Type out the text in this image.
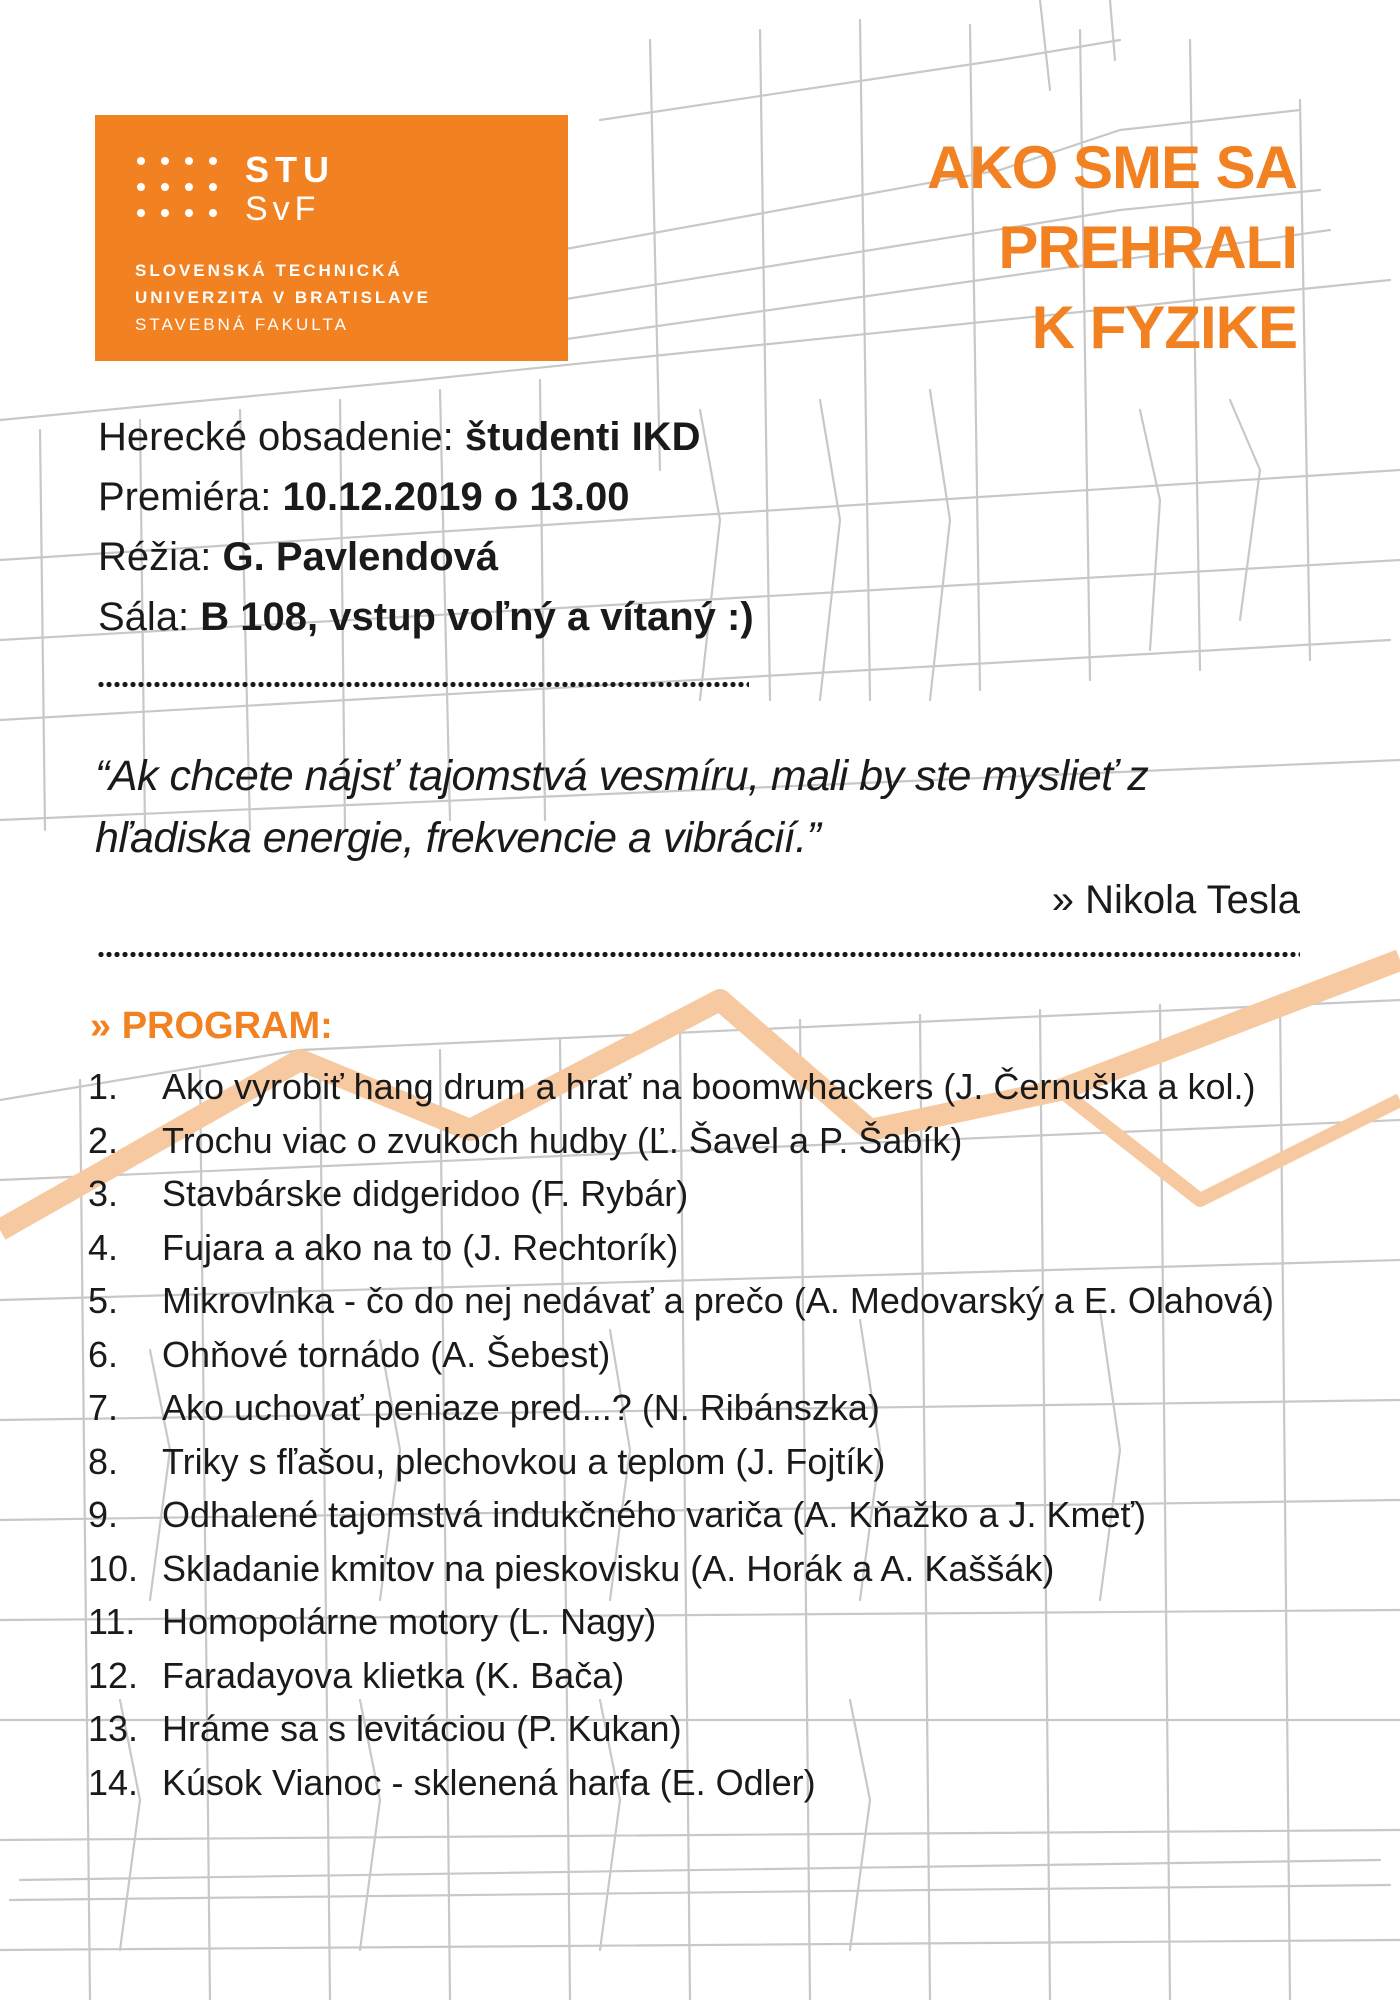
STU
SvF
SLOVENSKÁ TECHNICKÁ
UNIVERZITA V BRATISLAVE
STAVEBNÁ FAKULTA
AKO SME SA
PREHRALI
K FYZIKE
Herecké obsadenie: študenti IKD
Premiéra: 10.12.2019 o 13.00
Réžia: G. Pavlendová
Sála: B 108, vstup voľný a vítaný :)
“Ak chcete nájsť tajomstvá vesmíru, mali by ste myslieť z
hľadiska energie, frekvencie a vibrácií.”
» Nikola Tesla
» PROGRAM:
1.	Ako vyrobiť hang drum a hrať na boomwhackers (J. Černuška a kol.)
2.	Trochu viac o zvukoch hudby (Ľ. Šavel a P. Šabík)
3.	Stavbárske didgeridoo (F. Rybár)
4.	Fujara a ako na to (J. Rechtorík)
5.	Mikrovlnka - čo do nej nedávať a prečo (A. Medovarský a E. Olahová)
6.	Ohňové tornádo (A. Šebest)
7.	Ako uchovať peniaze pred...? (N. Ribánszka)
8.	Triky s fľašou, plechovkou a teplom (J. Fojtík)
9.	Odhalené tajomstvá indukčného variča (A. Kňažko a J. Kmeť)
10. Skladanie kmitov na pieskovisku (A. Horák a A. Kaššák)
11. Homopolárne motory (L. Nagy)
12. Faradayova klietka (K. Bača)
13. Hráme sa s levitáciou (P. Kukan)
14. Kúsok Vianoc - sklenená harfa (E. Odler)
